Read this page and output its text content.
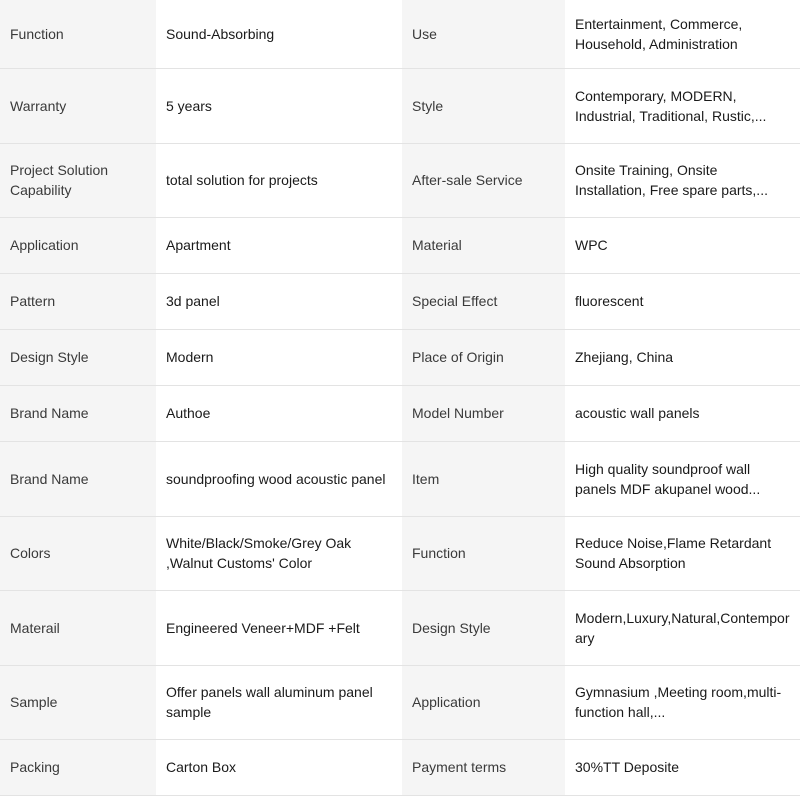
Function	Sound-Absorbing	Use	Entertainment, Commerce, Household, Administration

Warranty	5 years	Style	Contemporary, MODERN, Industrial, Traditional, Rustic,...

Project Solution Capability	total solution for projects	After-sale Service	Onsite Training, Onsite Installation, Free spare parts,...

Application	Apartment	Material	WPC

Pattern	3d panel	Special Effect	fluorescent

Design Style	Modern	Place of Origin	Zhejiang, China

Brand Name	Authoe	Model Number	acoustic wall panels

Brand Name	soundproofing wood acoustic panel	Item	High quality soundproof wall panels MDF akupanel wood...

Colors	White/Black/Smoke/Grey Oak ,Walnut Customs' Color	Function	Reduce Noise,Flame Retardant Sound Absorption

Materail	Engineered Veneer+MDF +Felt	Design Style	Modern,Luxury,Natural,Contemporary

Sample	Offer panels wall aluminum panel sample	Application	Gymnasium ,Meeting room,multi-function hall,...

Packing	Carton Box	Payment terms	30%TT Deposite
